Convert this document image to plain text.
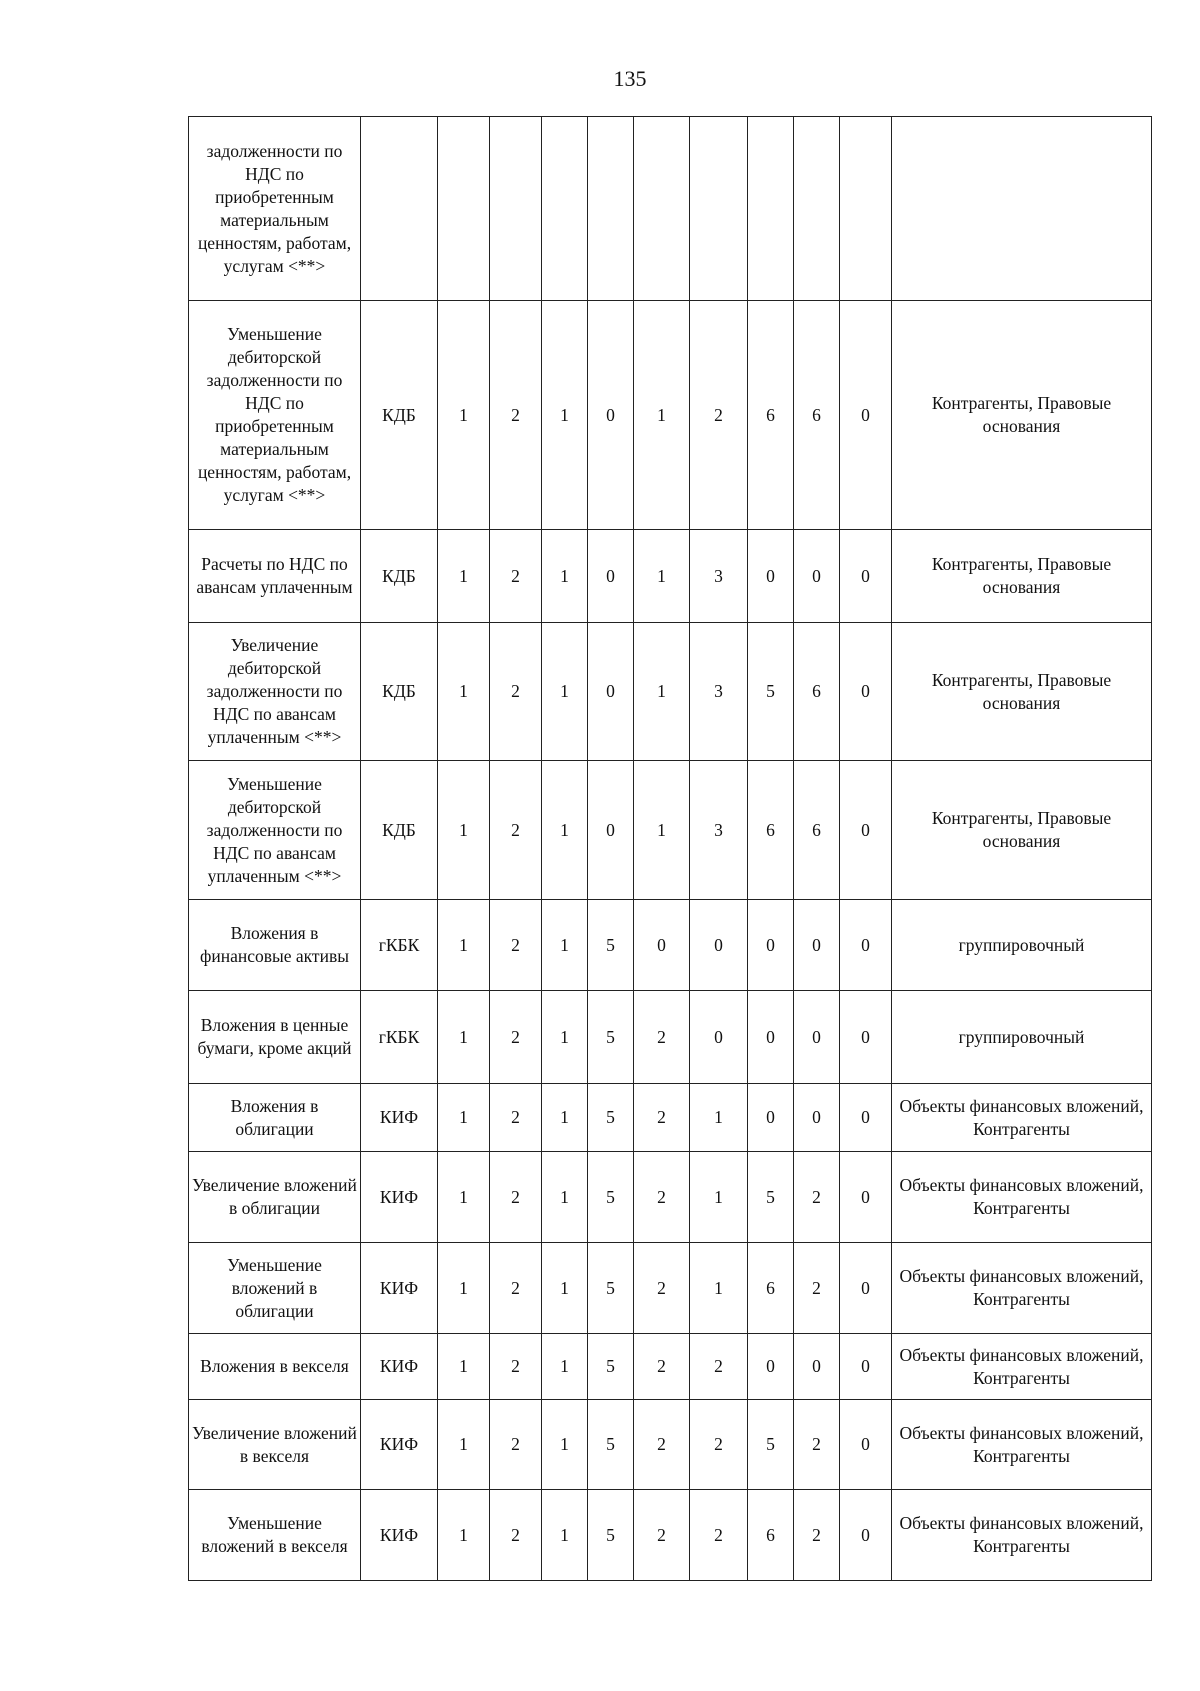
135
задолженности по НДС по приобретенным материальным ценностям, работам, услугам <**>											
Уменьшение дебиторской задолженности по НДС по приобретенным материальным ценностям, работам, услугам <**>	КДБ	1	2	1	0	1	2	6	6	0	Контрагенты, Правовые основания
Расчеты по НДС по авансам уплаченным	КДБ	1	2	1	0	1	3	0	0	0	Контрагенты, Правовые основания
Увеличение дебиторской задолженности по НДС по авансам уплаченным <**>	КДБ	1	2	1	0	1	3	5	6	0	Контрагенты, Правовые основания
Уменьшение дебиторской задолженности по НДС по авансам уплаченным <**>	КДБ	1	2	1	0	1	3	6	6	0	Контрагенты, Правовые основания
Вложения в финансовые активы	гКБК	1	2	1	5	0	0	0	0	0	группировочный
Вложения в ценные бумаги, кроме акций	гКБК	1	2	1	5	2	0	0	0	0	группировочный
Вложения в облигации	КИФ	1	2	1	5	2	1	0	0	0	Объекты финансовых вложений, Контрагенты
Увеличение вложений в облигации	КИФ	1	2	1	5	2	1	5	2	0	Объекты финансовых вложений, Контрагенты
Уменьшение вложений в облигации	КИФ	1	2	1	5	2	1	6	2	0	Объекты финансовых вложений, Контрагенты
Вложения в векселя	КИФ	1	2	1	5	2	2	0	0	0	Объекты финансовых вложений, Контрагенты
Увеличение вложений в векселя	КИФ	1	2	1	5	2	2	5	2	0	Объекты финансовых вложений, Контрагенты
Уменьшение вложений в векселя	КИФ	1	2	1	5	2	2	6	2	0	Объекты финансовых вложений, Контрагенты
